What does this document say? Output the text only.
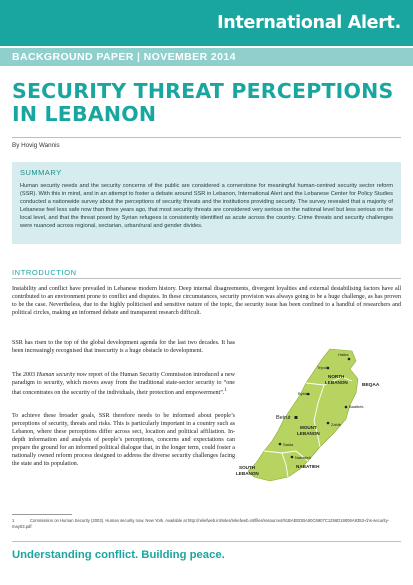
International Alert.
BACKGROUND PAPER | NOVEMBER 2014
SECURITY THREAT PERCEPTIONS
IN LEBANON
By Hovig Wannis
SUMMARY

Human security needs and the security concerns of the public are considered a cornerstone for meaningful human-centred security sector reform (SSR). With this in mind, and in an attempt to foster a debate around SSR in Lebanon, International Alert and the Lebanese Center for Policy Studies conducted a nationwide survey about the perceptions of security threats and the institutions providing security. The survey revealed that a majority of Lebanese feel less safe now than three years ago, that most security threats are considered very serious on the national level but less serious on the local level, and that the threat posed by Syrian refugees is consistently identified as acute across the country. Crime threats and security challenges were nuanced across regional, sectarian, urban/rural and gender divides.

INTRODUCTION
Instability and conflict have prevailed in Lebanese modern history. Deep internal disagreements, divergent loyalties and external destabilising factors have all contributed to an environment prone to conflict and disputes. In these circumstances, security provision was always going to be a huge challenge, as has proven to be the case. Nevertheless, due to the highly politicised and sensitive nature of the topic, the security issue has been confined to a handful of researchers and political circles, making an informed debate and transparent research difficult.
SSR has risen to the top of the global development agenda for the last two decades. It has been increasingly recognised that insecurity is a huge obstacle to development.
The 2003 Human security now report of the Human Security Commission introduced a new paradigm to security, which moves away from the traditional state-sector security to “one that concentrates on the security of the individuals, their protection and empowerment”.$^1$
To achieve these broader goals, SSR therefore needs to be informed about people’s perceptions of security, threats and risks. This is particularly important in a country such as Lebanon, where these perceptions differ across sect, location and political affiliation. In-depth information and analysis of people’s perceptions, concerns and expectations can prepare the ground for an informed political dialogue that, in the longer term, could foster a nationally owned reform process designed to address the diverse security challenges facing the state and its population.
Halba
Tripoli
NORTH
LEBANON
Byblos
BEQAA
Baalbek
Beirut
MOUNT
LEBANON
Zahlé
Saida
SOUTH
LEBANON
Nabatieh
NABATIEH
1	Commission on Human Security (2003). Human security now. New York. Available at http://reliefweb.int/sites/reliefweb.int/files/resources/91BAEEDBA50C6907C1256D19006A9353-chs-security-may03.pdf
Understanding conflict. Building peace.
